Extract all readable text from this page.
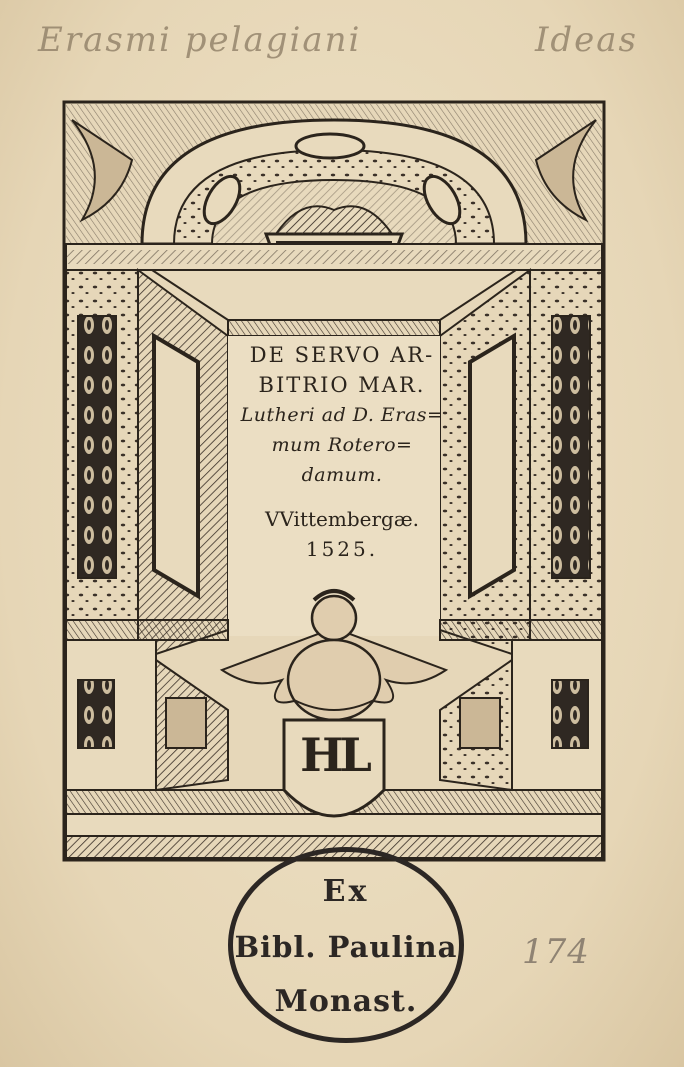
Erasmi pelagiani	Ideas
HL
DE SERVO AR-
BITRIO MAR.
Lutheri ad D. Eras=
mum Rotero=
damum.
VVittembergæ.
1525.
Ex
Bibl. Paulina
Monast.
174
